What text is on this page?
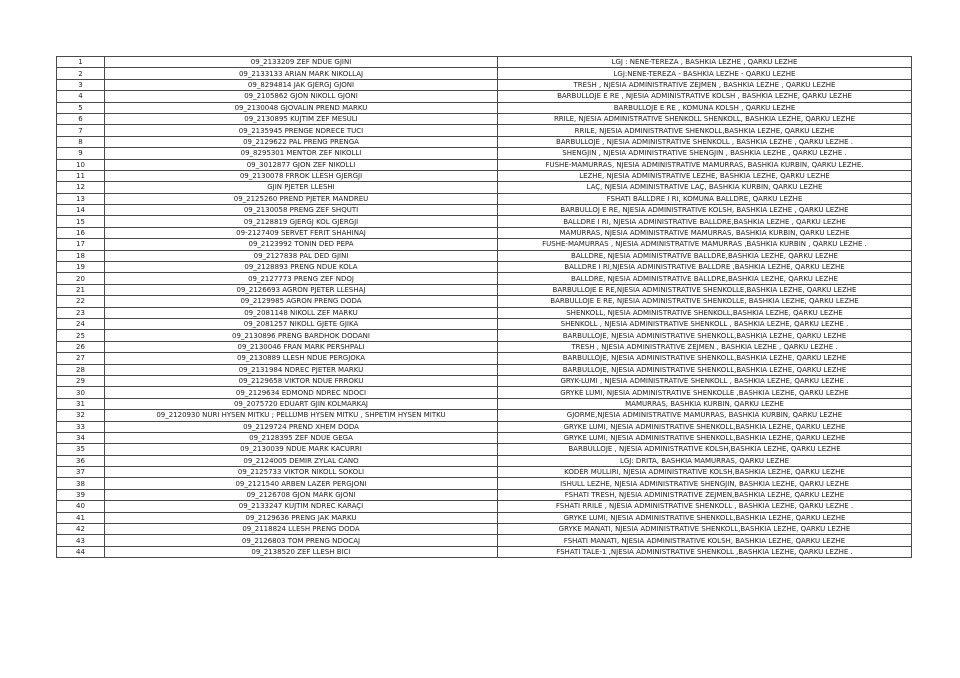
1	09_2133209 ZEF NDUE GJINI	LGJ : NENE-TEREZA , BASHKIA LEZHE , QARKU LEZHE
2	09_2133133 ARIAN MARK NIKOLLAJ	LGJ:NENE-TEREZA - BASHKIA LEZHE - QARKU LEZHE
3	09_8294814 JAK GJERGJ GJONI	TRESH , NJESIA ADMINISTRATIVE ZEJMEN , BASHKIA LEZHE , QARKU LEZHE
4	09_2105862 GJON NIKOLL GJONI	BARBULLOJE E RE , NJESIA ADMINISTRATIVE KOLSH , BASHKIA LEZHE, QARKU LEZHE
5	09_2130048 GJOVALIN PREND MARKU	BARBULLOJE E RE , KOMUNA KOLSH , QARKU LEZHE
6	09_2130895 KUJTIM ZEF MESULI	RRILE, NJESIA ADMINISTRATIVE SHENKOLL SHENKOLL, BASHKIA LEZHE, QARKU LEZHE
7	09_2135945 PRENGE NDRECE TUCI	RRILE, NJESIA ADMINISTRATIVE SHENKOLL,BASHKIA LEZHE, QARKU LEZHE
8	09_2129622 PAL PRENG PRENGA	BARBULLOJE , NJESIA ADMINISTRATIVE SHENKOLL , BASHKIA LEZHE , QARKU LEZHE .
9	09_8295301 MENTOR ZEF NIKOLLI	SHENGJIN , NJESIA ADMINISTRATIVE SHENGJIN , BASHKIA LEZHE , QARKU LEZHE .
10	09_3012877 GJON ZEF NIKOLLI	FUSHE-MAMURRAS, NJESIA ADMINISTRATIVE MAMURRAS, BASHKIA KURBIN, QARKU LEZHE.
11	09_2130078 FRROK LLESH GJERGJI	LEZHE, NJESIA ADMINISTRATIVE LEZHE, BASHKIA LEZHE, QARKU LEZHE
12	GJIN PJETER LLESHI	LAÇ, NJESIA ADMINISTRATIVE LAÇ, BASHKIA KURBIN, QARKU LEZHE
13	09_2125260 PREND PJETER MANDREU	FSHATI BALLDRE I RI, KOMUNA BALLDRE, QARKU LEZHE
14	09_2130058 PRENG ZEF SHQUTI	BARBULLOJ E RE, NJESIA ADMINISTRATIVE KOLSH, BASHKIA LEZHE , QARKU LEZHE
15	09_2128819 GJERGJ KOL GJERGJI	BALLDRE I RI, NJESIA ADMINISTRATIVE BALLDRE,BASHKIA LEZHE , QARKU LEZHE
16	09-2127409 SERVET FERIT SHAHINAJ	MAMURRAS, NJESIA ADMINISTRATIVE MAMURRAS, BASHKIA KURBIN, QARKU LEZHE
17	09_2123992 TONIN DED PEPA	FUSHE-MAMURRAS , NJESIA ADMINISTRATIVE MAMURRAS ,BASHKIA KURBIN , QARKU LEZHE .
18	09_2127838 PAL DED GJINI	BALLDRE, NJESIA ADMINISTRATIVE BALLDRE,BASHKIA LEZHE, QARKU LEZHE
19	09_2128893 PRENG NDUE KOLA	BALLDRE I RI,NJESIA ADMINISTRATIVE BALLDRE ,BASHKIA LEZHE, QARKU LEZHE
20	09_2127773 PRENG ZEF NDOJ	BALLDRE, NJESIA ADMINISTRATIVE BALLDRE,BASHKIA LEZHE, QARKU LEZHE
21	09_2126693 AGRON PJETER LLESHAJ	BARBULLOJE E RE,NJESIA ADMINISTRATIVE SHENKOLLE,BASHKIA LEZHE, QARKU LEZHE
22	09_2129985 AGRON PRENG DODA	BARBULLOJE E RE, NJESIA ADMINISTRATIVE SHENKOLLE, BASHKIA LEZHE, QARKU LEZHE
23	09_2081148 NIKOLL ZEF MARKU	SHENKOLL, NJESIA ADMINISTRATIVE SHENKOLL,BASHKIA LEZHE, QARKU LEZHE
24	09_2081257 NIKOLL GJETE GJIKA	SHENKOLL , NJESIA ADMINISTRATIVE SHENKOLL , BASHKIA LEZHE, QARKU LEZHE .
25	09_2130896 PRENG BARDHOK DODANI	BARBULLOJE, NJESIA ADMINISTRATIVE SHENKOLL,BASHKIA LEZHE, QARKU LEZHE
26	09_2130046 FRAN MARK PERSHPALI	TRESH , NJESIA ADMINISTRATIVE ZEJMEN , BASHKIA LEZHE , QARKU LEZHE .
27	09_2130889 LLESH NDUE PERGJOKA	BARBULLOJE, NJESIA ADMINISTRATIVE SHENKOLL,BASHKIA LEZHE, QARKU LEZHE
28	09_2131984 NDREC PJETER MARKU	BARBULLOJE, NJESIA ADMINISTRATIVE SHENKOLL,BASHKIA LEZHE, QARKU LEZHE
29	09_2129658 VIKTOR NDUE FRROKU	GRYK-LUMI , NJESIA ADMINISTRATIVE SHENKOLL , BASHKIA LEZHE, QARKU LEZHE .
30	09_2129634 EDMOND NDREC NDOCI	GRYKE LUMI, NJESIA ADMINISTRATIVE SHENKOLLE ,BASHKIA LEZHE, QARKU LEZHE
31	09_2075720 EDUART GJIN KOLMARKAJ	MAMURRAS, BASHKIA KURBIN, QARKU LEZHE
32	09_2120930 NURI HYSEN MITKU ; PELLUMB HYSEN MITKU , SHPETIM HYSEN MITKU	GJORME,NJESIA ADMINISTRATIVE MAMURRAS, BASHKIA KURBIN, QARKU LEZHE
33	09_2129724 PREND XHEM DODA	GRYKE LUMI, NJESIA ADMINISTRATIVE SHENKOLL,BASHKIA LEZHE, QARKU LEZHE
34	09_2128395 ZEF NDUE GEGA	GRYKE LUMI, NJESIA ADMINISTRATIVE SHENKOLL,BASHKIA LEZHE, QARKU LEZHE
35	09_2130039 NDUE MARK KACURRI	BARBULLOJE , NJESIA ADMINISTRATIVE KOLSH,BASHKIA LEZHE, QARKU LEZHE
36	09_2124005 DEMIR ZYLAL CANO	LGJ: DRITA, BASHKIA MAMURRAS, QARKU LEZHE
37	09_2125733 VIKTOR NIKOLL SOKOLI	KODER MULLIRI, NJESIA ADMINISTRATIVE KOLSH,BASHKIA LEZHE, QARKU LEZHE
38	09_2121540 ARBEN LAZER PERGJONI	ISHULL LEZHE, NJESIA ADMINISTRATIVE SHENGJIN, BASHKIA LEZHE, QARKU LEZHE
39	09_2126708 GJON MARK GJONI	FSHATI TRESH, NJESIA ADMINISTRATIVE ZEJMEN,BASHKIA LEZHE, QARKU LEZHE
40	09_2133247 KUJTIM NDREC KARAÇI	FSHATI RRILE , NJESIA ADMINISTRATIVE SHENKOLL , BASHKIA LEZHE, QARKU LEZHE .
41	09_2129636 PRENG JAK MARKU	GRYKE LUMI, NJESIA ADMINISTRATIVE SHENKOLL,BASHKIA LEZHE, QARKU LEZHE
42	09_2118824 LLESH PRENG DODA	GRYKE MANATI, NJESIA ADMINISTRATIVE SHENKOLL,BASHKIA LEZHE, QARKU LEZHE
43	09_2126803 TOM PRENG NDOCAJ	FSHATI MANATI, NJESIA ADMINISTRATIVE KOLSH, BASHKIA LEZHE, QARKU LEZHE
44	09_2138520 ZEF LLESH BICI	FSHATI TALE-1 ,NJESIA ADMINISTRATIVE SHENKOLL ,BASHKIA LEZHE, QARKU LEZHE .
